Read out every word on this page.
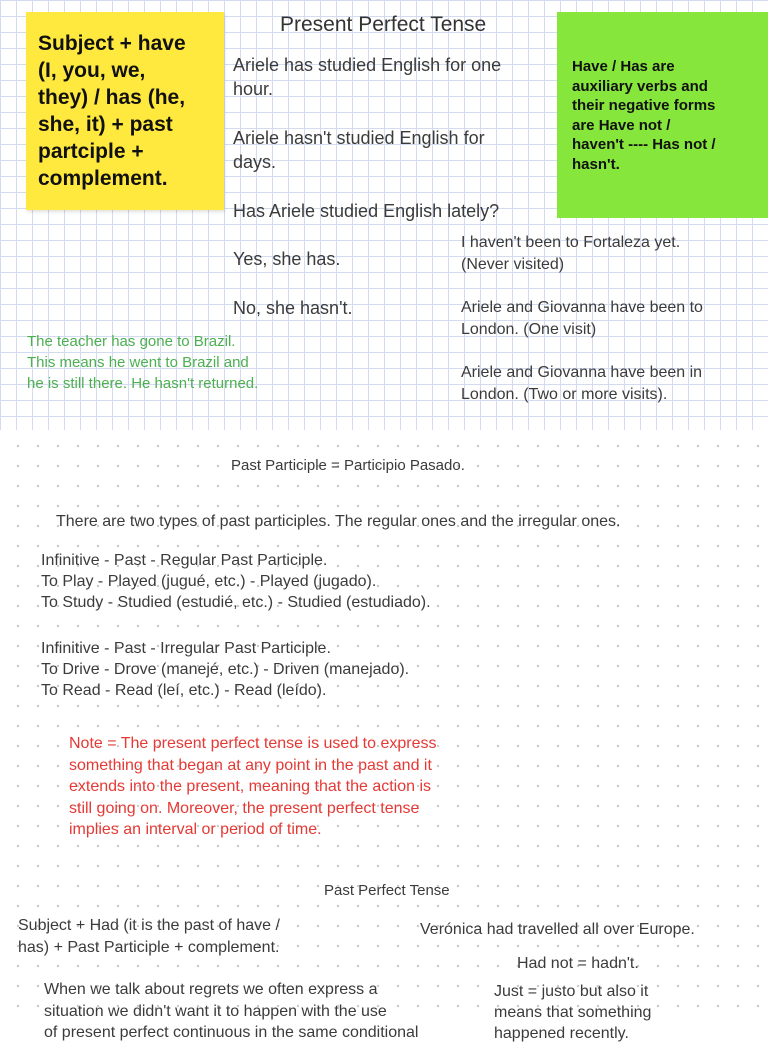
Subject + have
(I, you, we,
they) / has (he,
she, it) + past
partciple +
complement.

Present Perfect Tense
Ariele has studied English for one
hour.
Ariele hasn't studied English for
days.
Has Ariele studied English lately?
Yes, she has.
No, she hasn't.

Have / Has are
auxiliary verbs and
their negative forms
are Have not /
haven't ---- Has not /
hasn't.

I haven't been to Fortaleza yet.
(Never visited)
Ariele and Giovanna have been to
London. (One visit)
Ariele and Giovanna have been in
London. (Two or more visits).
The teacher has gone to Brazil.
This means he went to Brazil and
he is still there. He hasn't returned.
Past Participle = Participio Pasado.
There are two types of past participles. The regular ones and the irregular ones.
Infinitive - Past - Regular Past Participle.
To Play - Played (jugué, etc.) - Played (jugado).
To Study - Studied (estudié, etc.) - Studied (estudiado).
Infinitive - Past - Irregular Past Participle.
To Drive - Drove (manejé, etc.) - Driven (manejado).
To Read - Read (leí, etc.) - Read (leído).
Note = The present perfect tense is used to express
something that began at any point in the past and it
extends into the present, meaning that the action is
still going on. Moreover, the present perfect tense
implies an interval or period of time.
Past Perfect Tense
Subject + Had (it is the past of have /
has) + Past Participle + complement.
Verónica had travelled all over Europe.
Had not = hadn't.
When we talk about regrets we often express a
situation we didn't want it to happen with the use
of present perfect continuous in the same conditional
Just = justo but also it
means that something
happened recently.
